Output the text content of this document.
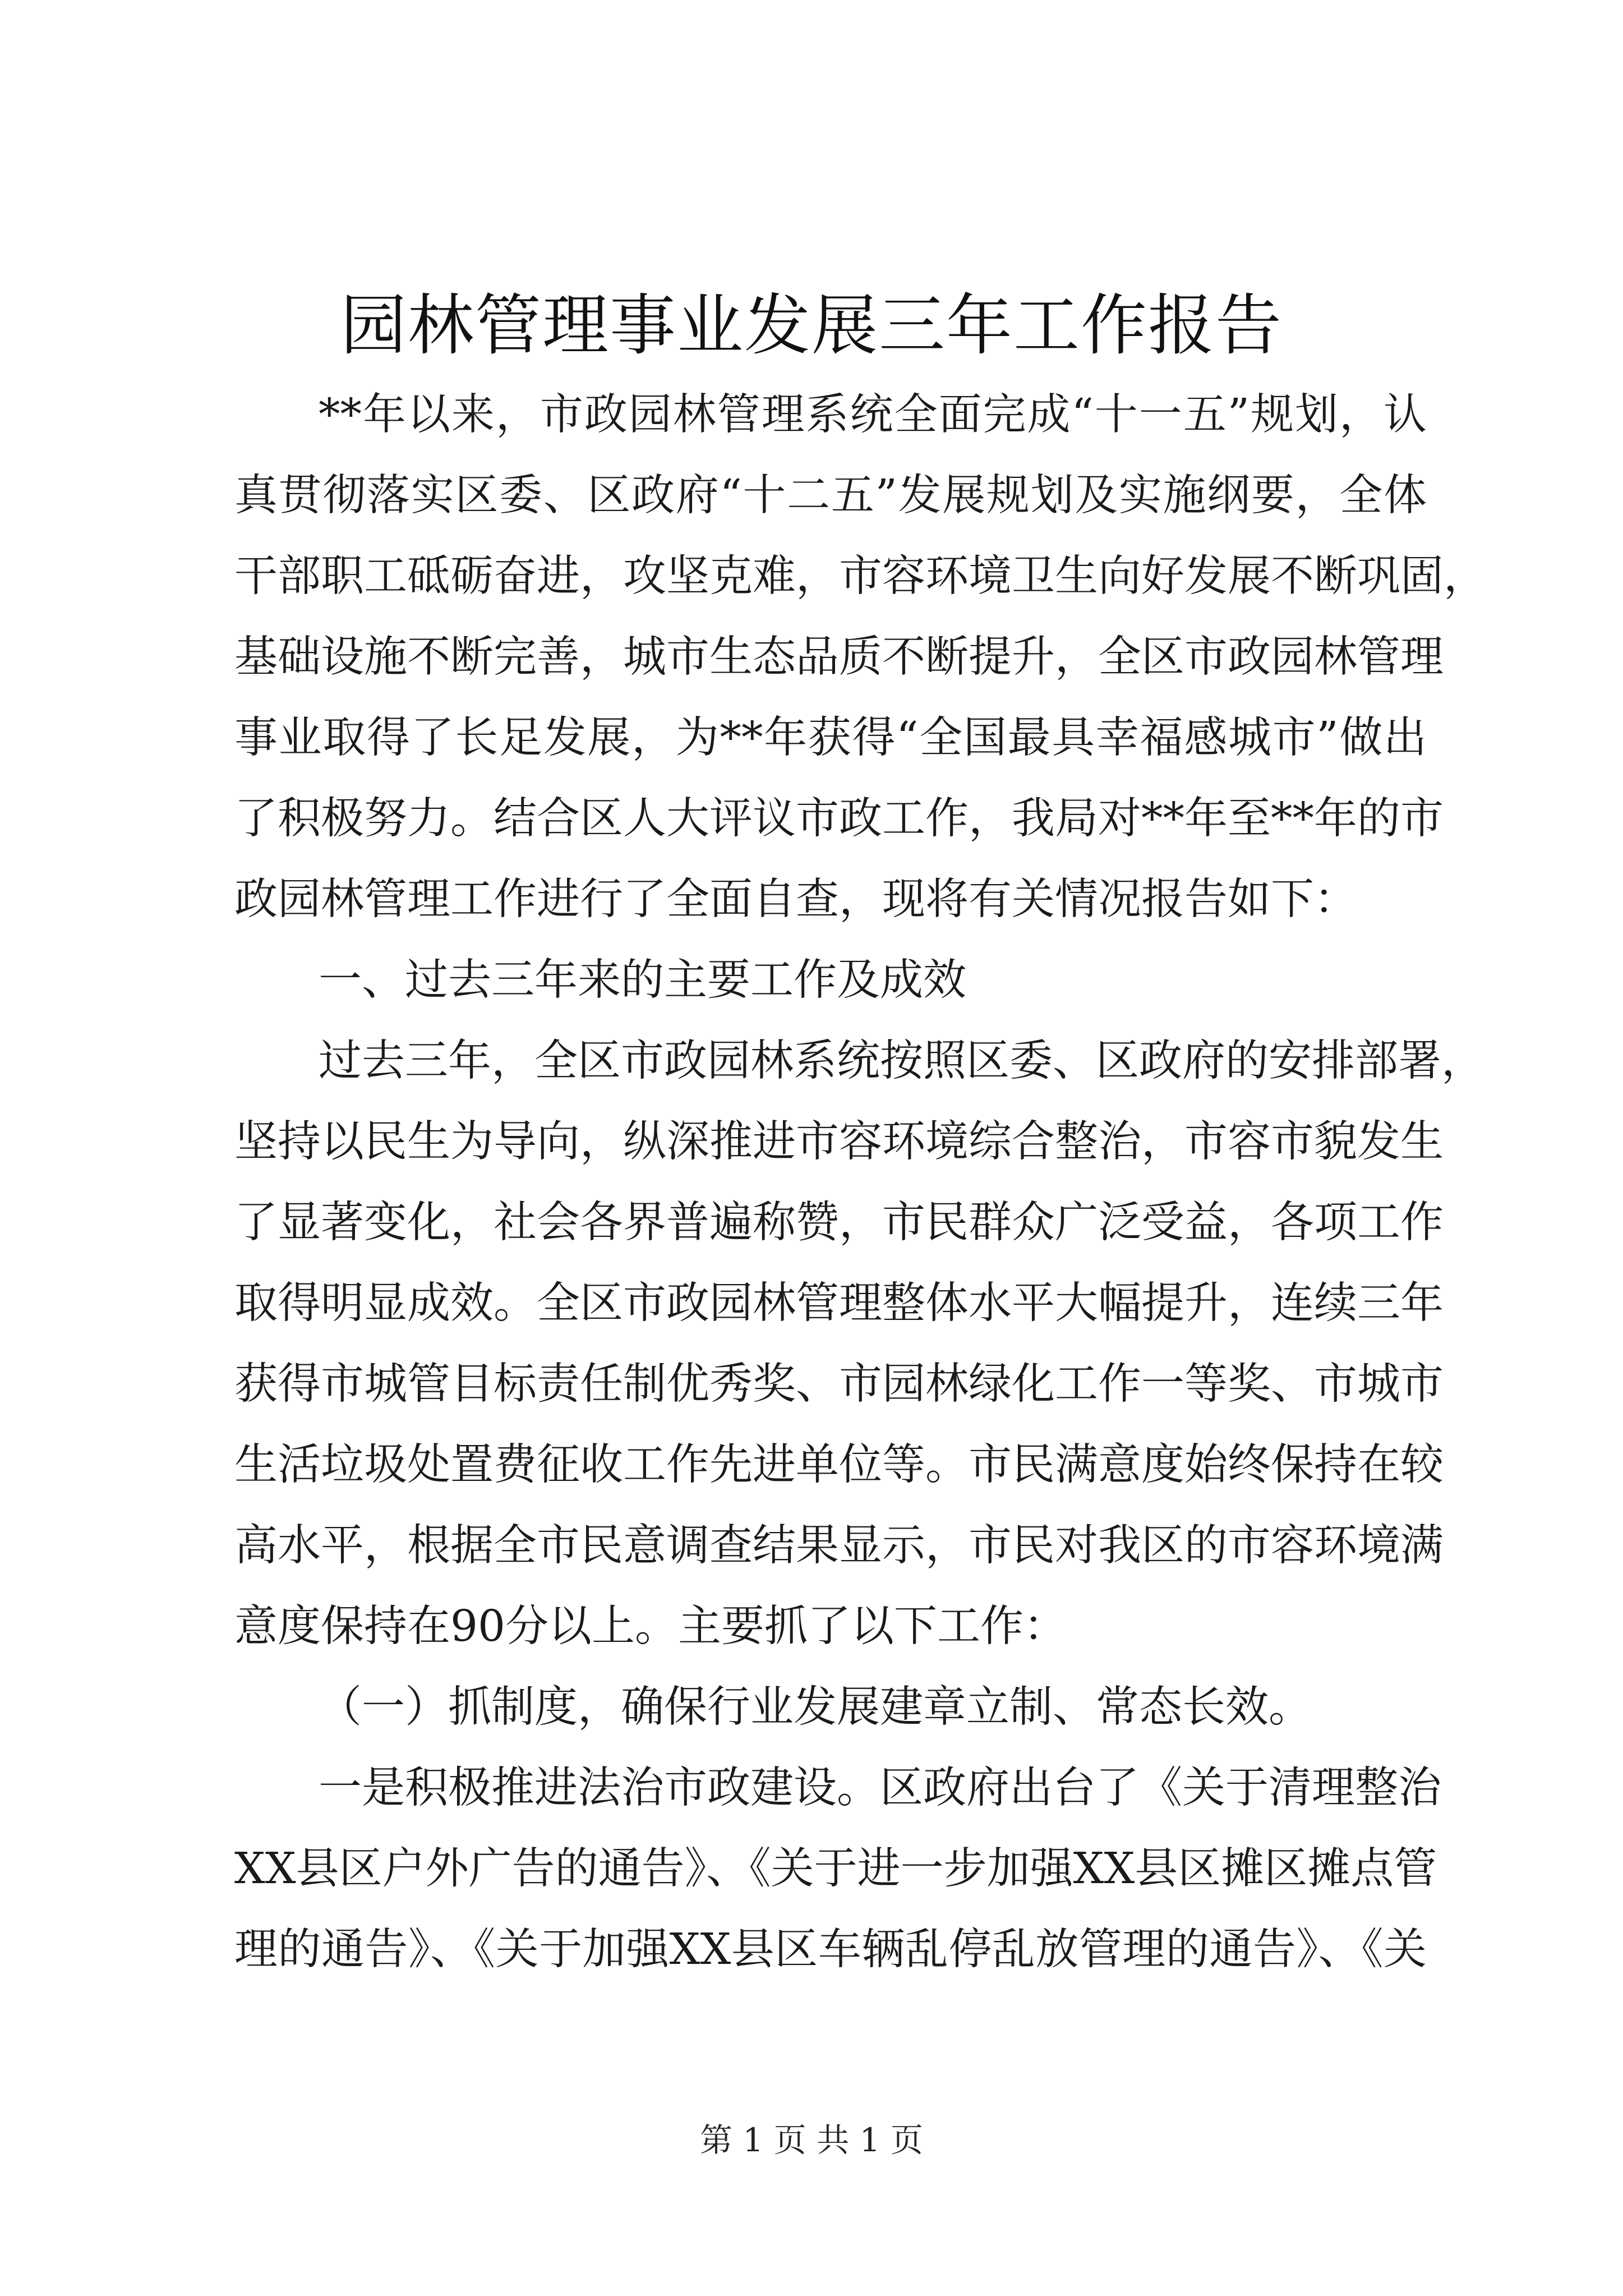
园林管理事业发展三年工作报告
**年以来，市政园林管理系统全面完成“十一五”规划，认
真贯彻落实区委、区政府“十二五”发展规划及实施纲要，全体
干部职工砥砺奋进，攻坚克难，市容环境卫生向好发展不断巩固，
基础设施不断完善，城市生态品质不断提升，全区市政园林管理
事业取得了长足发展，为**年获得“全国最具幸福感城市”做出
了积极努力。结合区人大评议市政工作，我局对**年至**年的市
政园林管理工作进行了全面自查，现将有关情况报告如下：
一、过去三年来的主要工作及成效
过去三年，全区市政园林系统按照区委、区政府的安排部署，
坚持以民生为导向，纵深推进市容环境综合整治，市容市貌发生
了显著变化，社会各界普遍称赞，市民群众广泛受益，各项工作
取得明显成效。全区市政园林管理整体水平大幅提升，连续三年
获得市城管目标责任制优秀奖、市园林绿化工作一等奖、市城市
生活垃圾处置费征收工作先进单位等。市民满意度始终保持在较
高水平，根据全市民意调查结果显示，市民对我区的市容环境满
意度保持在90分以上。主要抓了以下工作：
（一）抓制度，确保行业发展建章立制、常态长效。
一是积极推进法治市政建设。区政府出台了《关于清理整治
XX县区户外广告的通告》、《关于进一步加强XX县区摊区摊点管
理的通告》、《关于加强XX县区车辆乱停乱放管理的通告》、《关
第 1 页 共 1 页
